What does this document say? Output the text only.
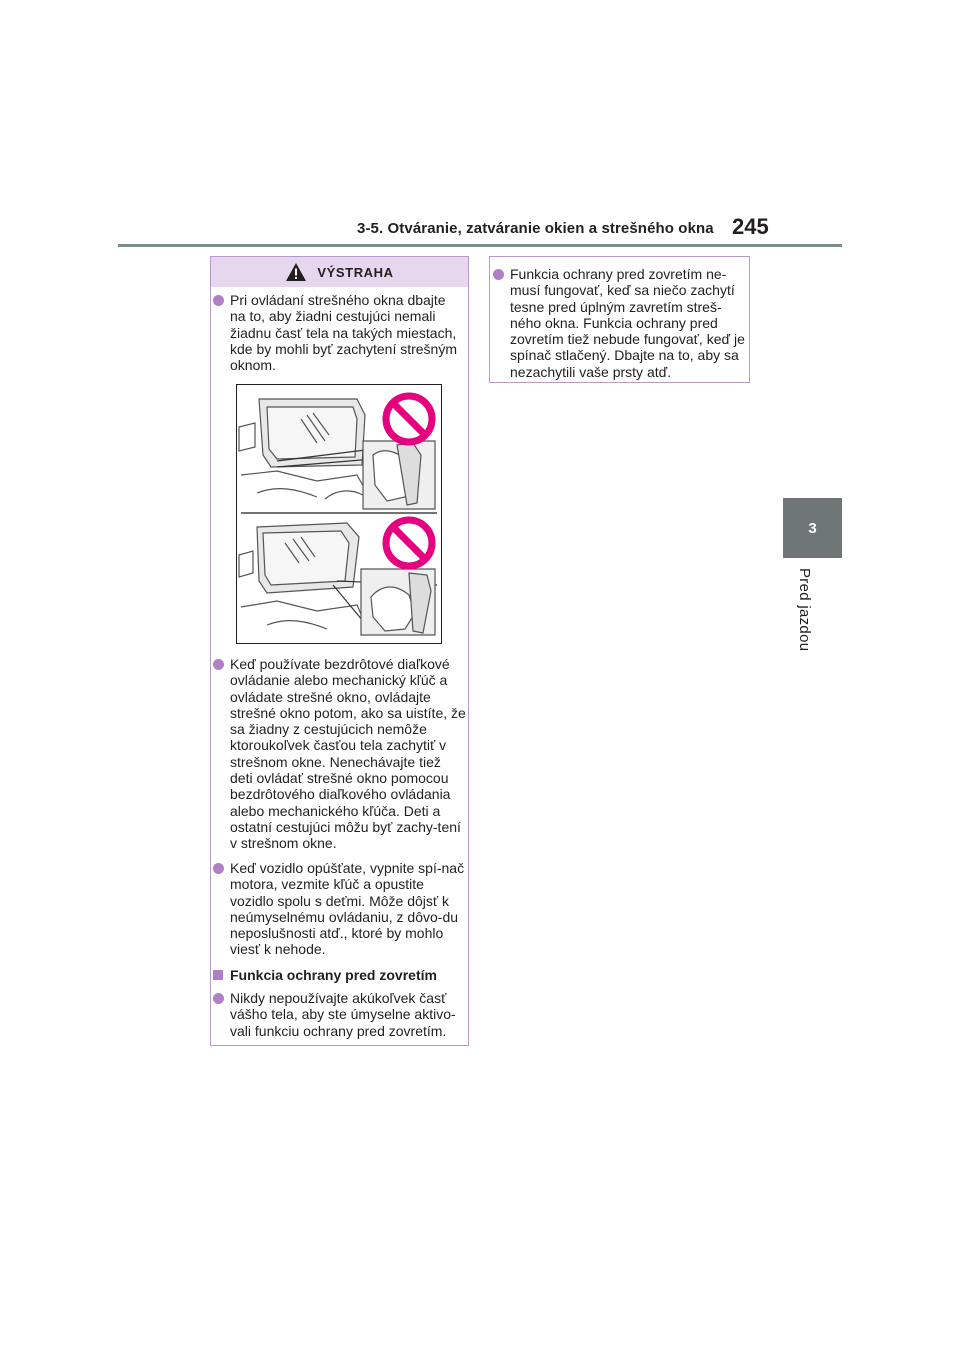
3-5. Otváranie, zatváranie okien a strešného okna 245
3
Pred jazdou
VÝSTRAHA
Pri ovládaní strešného okna dbajte na to, aby žiadni cestujúci nemali žiadnu časť tela na takých miestach, kde by mohli byť zachytení strešným oknom.
Keď používate bezdrôtové diaľkové ovládanie alebo mechanický kľúč a ovládate strešné okno, ovládajte strešné okno potom, ako sa uistíte, že sa žiadny z cestujúcich nemôže ktoroukoľvek časťou tela zachytiť v strešnom okne. Nenechávajte tiež deti ovládať strešné okno pomocou bezdrôtového diaľkového ovládania alebo mechanického kľúča. Deti a ostatní cestujúci môžu byť zachy-tení v strešnom okne.
Keď vozidlo opúšťate, vypnite spí-nač motora, vezmite kľúč a opustite vozidlo spolu s deťmi. Môže dôjsť k neúmyselnému ovládaniu, z dôvo-du neposlušnosti atď., ktoré by mohlo viesť k nehode.
Funkcia ochrany pred zovretím
Nikdy nepoužívajte akúkoľvek časť vášho tela, aby ste úmyselne aktivo-vali funkciu ochrany pred zovretím.
Funkcia ochrany pred zovretím ne-musí fungovať, keď sa niečo zachytí tesne pred úplným zavretím streš-ného okna. Funkcia ochrany pred zovretím tiež nebude fungovať, keď je spínač stlačený. Dbajte na to, aby sa nezachytili vaše prsty atď.
